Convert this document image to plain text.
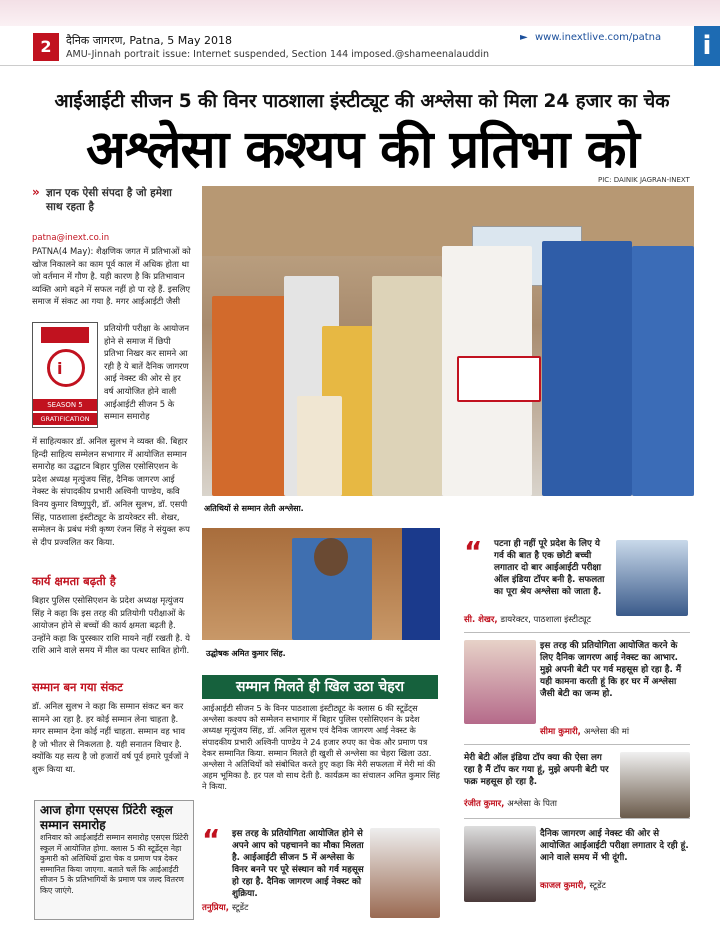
2	दैनिक जागरण, Patna, 5 May 2018
AMU-Jinnah portrait issue: Internet suspended, Section 144 imposed.@shameenalauddin
► www.inextlive.com/patna	i
आईआईटी सीजन 5 की विनर पाठशाला इंस्टीट्यूट की अश्लेसा को मिला 24 हजार का चेक
अश्लेसा कश्यप की प्रतिभा को
PIC: DAINIK JAGRAN-INEXT
» ज्ञान एक ऐसी संपदा है जो हमेशा साथ रहता है
patna@inext.co.in
PATNA(4 May): शैक्षणिक जगत में प्रतिभाओं को खोज निकालने का काम पूर्व काल में अधिक होता था जो वर्तमान में गौण है. यही कारण है कि प्रतिभावान व्यक्ति आगे बढ़ने में सफल नहीं हो पा रहे हैं. इसलिए समाज में संकट आ गया है. मगर आईआईटी जैसी
i
SEASON 5
GRATIFICATION
प्रतियोगी परीक्षा के आयोजन होने से समाज में छिपी प्रतिभा निखर कर सामने आ रही है ये बातें दैनिक जागरण आई नेक्स्ट की ओर से हर वर्ष आयोजित होने वाली आईआईटी सीजन 5 के सम्मान समारोह
में साहित्यकार डॉ. अनिल सुलभ ने व्यक्त की. बिहार हिन्दी साहित्य सम्मेलन सभागार में आयोजित सम्मान समारोह का उद्घाटन बिहार पुलिस एसोसिएशन के प्रदेश अध्यक्ष मृत्युंजय सिंह, दैनिक जागरण आई नेक्स्ट के संपादकीय प्रभारी अश्विनी पाण्डेय, कवि विनय कुमार विष्णुपुरी, डॉ. अनिल सुलभ, डॉ. एसपी सिंह, पाठशाला इंस्टीट्यूट के डायरेक्टर सी. शेखर, सम्मेलन के प्रबंध मंत्री कृष्ण रंजन सिंह ने संयुक्त रूप से दीप प्रज्वलित कर किया.
कार्य क्षमता बढ़ती है
बिहार पुलिस एसोसिएशन के प्रदेश अध्यक्ष मृत्युंजय सिंह ने कहा कि इस तरह की प्रतियोगी परीक्षाओं के आयोजन होने से बच्चों की कार्य क्षमता बढ़ती है. उन्होंने कहा कि पुरस्कार राशि मायने नहीं रखती है. ये राशि आने वाले समय में मील का पत्थर साबित होगी.
सम्मान बन गया संकट
डॉ. अनिल सुलभ ने कहा कि सम्मान संकट बन कर सामने आ रहा है. हर कोई सम्मान लेना चाहता है. मगर सम्मान देना कोई नहीं चाहता. सम्मान वह भाव है जो भीतर से निकलता है. यही सनातन विचार है. क्योंकि यह सत्य है जो हजारों वर्ष पूर्व हमारे पूर्वजों ने शुरू किया था.
आज होगा एसएस प्रिंटेरी स्कूल सम्मान समारोह
शनिवार को आईआईटी सम्मान समारोह एसएस प्रिंटेरी स्कूल में आयोजित होगा. क्लास 5 की स्टूडेंट्स नेहा कुमारी को अतिथियों द्वारा चेक व प्रमाण पत्र देकर सम्मानित किया जाएगा. बताते चलें कि आईआईटी सीजन 5 के प्रतिभागियों के प्रमाण पत्र जल्द वितरण किए जाएंगे.
अतिथियों से सम्मान लेती अश्लेसा.
उद्घोषक अमित कुमार सिंह.
सम्मान मिलते ही खिल उठा चेहरा
आईआईटी सीजन 5 के विनर पाठशाला इंस्टीट्यूट के क्लास 6 की स्टूडेंट्स अश्लेसा कश्यप को सम्मेलन सभागार में बिहार पुलिस एसोसिएशन के प्रदेश अध्यक्ष मृत्युंजय सिंह, डॉ. अनिल सुलभ एवं दैनिक जागरण आई नेक्स्ट के संपादकीय प्रभारी अश्विनी पाण्डेय ने 24 हजार रुपए का चेक और प्रमाण पत्र देकर सम्मानित किया. सम्मान मिलते ही खुशी से अश्लेसा का चेहरा खिला उठा. अश्लेसा ने अतिथियों को संबोधित करते हुए कहा कि मेरी सफलता में मेरी मां की अहम भूमिका है. हर पल वो साथ देती है. कार्यक्रम का संचालन अमित कुमार सिंह ने किया.
“ इस तरह के प्रतियोगिता आयोजित होने से अपने आप को पहचानने का मौका मिलता है. आईआईटी सीजन 5 में अश्लेसा के विनर बनने पर पूरे संस्थान को गर्व महसूस हो रहा है. दैनिक जागरण आई नेक्स्ट को शुक्रिया.
तनुप्रिया, स्टूडेंट
“ पटना ही नहीं पूरे प्रदेश के लिए ये गर्व की बात है एक छोटी बच्ची लगातार दो बार आईआईटी परीक्षा ऑल इंडिया टॉपर बनी है. सफलता का पूरा श्रेय अश्लेसा को जाता है.
सी. शेखर, डायरेक्टर, पाठशाला इंस्टीट्यूट
इस तरह की प्रतियोगिता आयोजित करने के लिए दैनिक जागरण आई नेक्स्ट का आभार. मुझे अपनी बेटी पर गर्व महसूस हो रहा है. मैं यही कामना करती हूं कि हर घर में अश्लेसा जैसी बेटी का जन्म हो.
सीमा कुमारी, अश्लेसा की मां
मेरी बेटी ऑल इंडिया टॉप क्या की ऐसा लग रहा है मैं टॉप कर गया हूं, मुझे अपनी बेटी पर फक्र महसूस हो रहा है.
रंजीत कुमार, अश्लेसा के पिता
दैनिक जागरण आई नेक्स्ट की ओर से आयोजित आईआईटी परीक्षा लगातार दे रही हूं. आने वाले समय में भी दूंगी.
काजल कुमारी, स्टूडेंट
